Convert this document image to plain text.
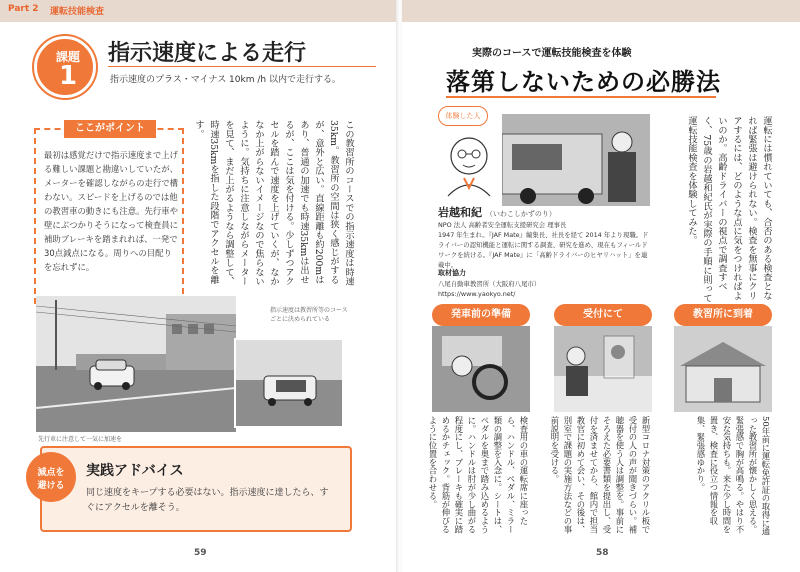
Part 2 運転技能検査
課題
1
指示速度による走行
指示速度のプラス・マイナス 10km /h 以内で走行する。
ここがポイント
最初は感覚だけで指示速度まで上げる難しい課題と勘違いしていたが、メーターを確認しながらの走行で構わない。スピードを上げるのでは他の教習車の動きにも注意。先行車や壁にぶつかりそうになって検査員に補助ブレーキを踏まれれば、一発で30点減点になる。周りへの目配りを忘れずに。	この教習所のコースでの指示速度は時速35km。教習所の空間は狭く感じがするが、意外と広い。直線距離も約200mはあり、普通の加速でも時速35kmは出せるが、ここは気を付ける。少しずつアクセルを踏んで速度を上げていくが、なかなか上がらないイメージなので焦らないように。気持ちに注意しながらメーターを見て、まだ上がるようなら調整して、時速35kmを指した段階でアクセルを離す。
先行車に注意して一気に加速を
指示速度は教習所等のコースごとに決められている
減点を
避ける
実践アドバイス
同じ速度をキープする必要はない。指示速度に達したら、すぐにアクセルを離そう。
59
実際のコースで運転技能検査を体験
落第しないための必勝法
運転には慣れていても、合否のある検査となれば緊張は避けられない。検査を無事にクリアするには、どのような点に気をつければよいのか。高齢ドライバーの視点で調査すべく、75歳の岩越和紀氏が実際の手順に則って運転技能検査を体験してみた。
体験した人
岩越和紀 （いわこしかずのり）
NPO 法人 高齢者安全運転支援研究会 理事長
1947 年生まれ。『JAF Mate』編集長、社長を経て 2014 年より現職。ドライバーの認知機能と運転に関する調査、研究を進め、現在もフィールドワークを続ける。『JAF Mate』に「高齢ドライバーのヒヤリハット」を連載中。
取材協力
八尾自動車教習所（大阪府八尾市）
https://www.yaokyo.net/
教習所に到着
受付にて
発車前の準備
50年前に運転免許証の取得に通った教習所が懐かしく思える。緊張感で胸が高鳴る。やはり不安な気持ちも。来た少し時間を置き、検査に役立つ情報を収集、緊張感ゆかり。
新型コロナ対策のアクリル板で受付の人の声が聞きづらい。補聴器を使う人は調整を。事前にそろえた必要書類を提出し、受付を済ませてから、館内で担当教官に初めて会い、その後は、別室で課題の実施方法などの事前説明を受ける。
検査用の車の運転席に座ったら、ハンドル、ペダル、ミラー類の調整を入念に。シートは、ペダルを奥まで踏み込めるように。ハンドルは肘が少し曲がる程度にし、ブレーキも確実に踏めるかチェック。背筋が伸びるように位置を合わせる。
58
